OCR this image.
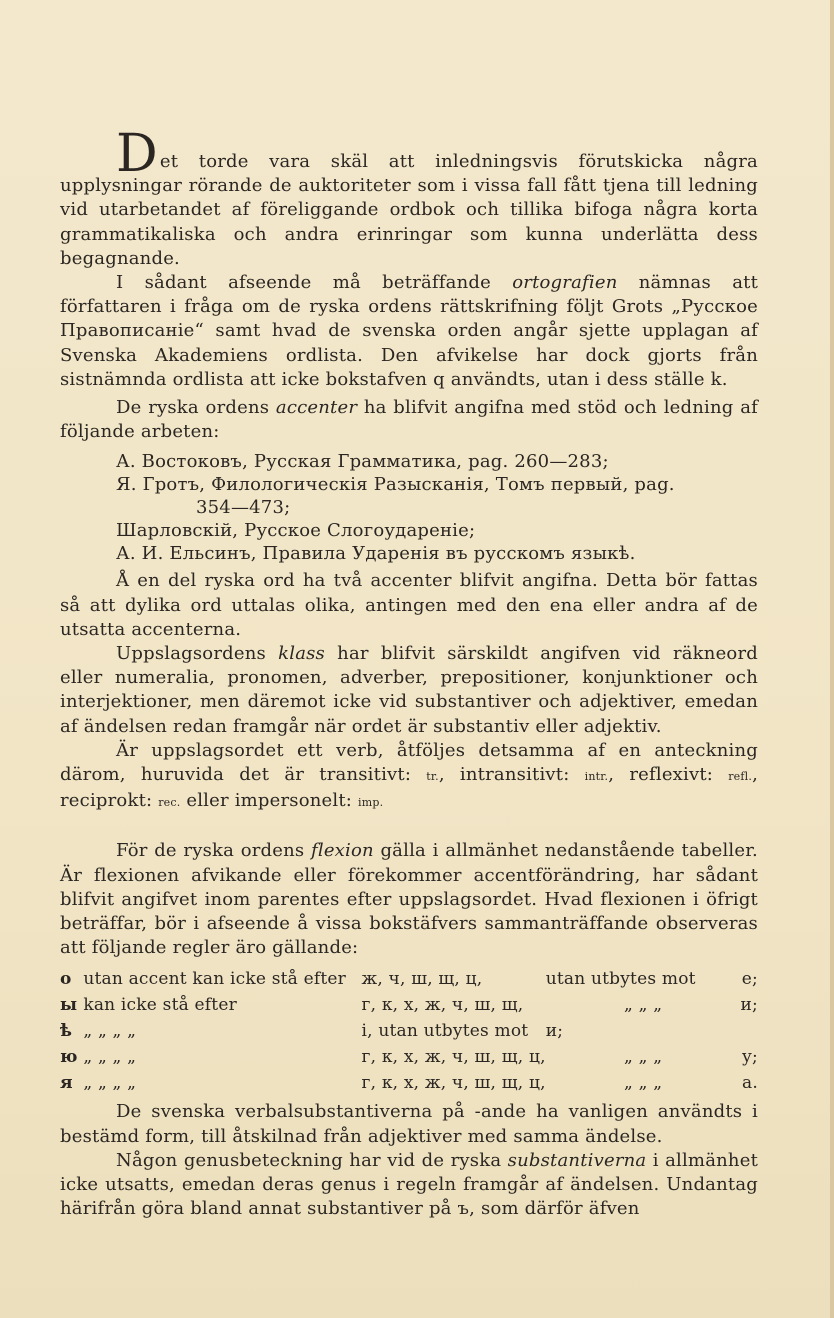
Det torde vara skäl att inledningsvis förutskicka några upplysningar rörande de auktoriteter som i vissa fall fått tjena till ledning vid utarbetandet af föreliggande ordbok och tillika bifoga några korta grammatikaliska och andra erinringar som kunna underlätta dess begagnande.

I sådant afseende må beträffande ortografien nämnas att författaren i fråga om de ryska ordens rättskrifning följt Grots „Русское Правописаніе“ samt hvad de svenska orden angår sjette upplagan af Svenska Akademiens ordlista. Den afvikelse har dock gjorts från sistnämnda ordlista att icke bokstafven q användts, utan i dess ställe k.

De ryska ordens accenter ha blifvit angifna med stöd och ledning af följande arbeten:

А. Востоковъ, Русская Грамматика, pag. 260—283;
Я. Гротъ, Филологическія Разысканія, Томъ первый, pag.
354—473;
Шарловскій, Русское Слогоудареніе;
А. И. Ельсинъ, Правила Ударенія въ русскомъ языкѣ.

Å en del ryska ord ha två accenter blifvit angifna. Detta bör fattas så att dylika ord uttalas olika, antingen med den ena eller andra af de utsatta accenterna.

Uppslagsordens klass har blifvit särskildt angifven vid räkneord eller numeralia, pronomen, adverber, prepositioner, konjunktioner och interjektioner, men däremot icke vid substantiver och adjektiver, emedan af ändelsen redan framgår när ordet är substantiv eller adjektiv.

Är uppslagsordet ett verb, åtföljes detsamma af en anteckning därom, huruvida det är transitivt: tr., intransitivt: intr., reflexivt: refl., reciprokt: rec. eller impersonelt: imp.

För de ryska ordens flexion gälla i allmänhet nedanstående tabeller. Är flexionen afvikande eller förekommer accentförändring, har sådant blifvit angifvet inom parentes efter uppslagsordet. Hvad flexionen i öfrigt beträffar, bör i afseende å vissa bokstäfvers sammanträffande observeras att följande regler äro gällande:

о	utan accent kan icke stå efter	ж, ч, ш, щ, ц,	utan utbytes mot	е;
ы	kan icke stå efter	г, к, х, ж, ч, ш, щ,	„ „ „	и;
ѣ	„ „ „ „	і, utan utbytes mot	и;	
ю	„ „ „ „	г, к, х, ж, ч, ш, щ, ц,	„ „ „	у;
я	„ „ „ „	г, к, х, ж, ч, ш, щ, ц,	„ „ „	а.

De svenska verbalsubstantiverna på -ande ha vanligen användts i bestämd form, till åtskilnad från adjektiver med samma ändelse.

Någon genusbeteckning har vid de ryska substantiverna i allmänhet icke utsatts, emedan deras genus i regeln framgår af ändelsen. Undantag härifrån göra bland annat substantiver på ъ, som därför äfven
